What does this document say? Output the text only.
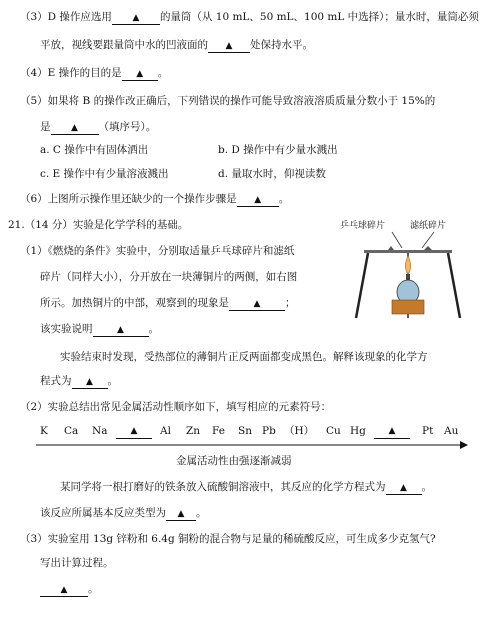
（3）D 操作应选用 ▲ 的量筒（从 10 mL、50 mL、100 mL 中选择）；量水时，量筒必须
平放，视线要跟量筒中水的凹液面的 ▲ 处保持水平。
（4）E 操作的目的是 ▲ 。
（5）如果将 B 的操作改正确后，下列错误的操作可能导致溶液溶质质量分数小于 15%的
是 ▲ （填序号）。
a. C 操作中有固体洒出	b. D 操作中有少量水溅出
c. E 操作中有少量溶液溅出	d. 量取水时，仰视读数
（6）上图所示操作里还缺少的一个操作步骤是 ▲ 。
21.（14 分）实验是化学学科的基础。	乒乓球碎片	滤纸碎片
（1）《燃烧的条件》实验中，分别取适量乒乓球碎片和滤纸
碎片（同样大小），分开放在一块薄铜片的两侧，如右图
所示。加热铜片的中部，观察到的现象是	▲ ；
该实验说明	▲ 。
实验结束时发现，受热部位的薄铜片正反两面都变成黑色。解释该现象的化学方
程式为 ▲ 。
（2）实验总结出常见金属活动性顺序如下，填写相应的元素符号：
K Ca Na	▲	Al Zn Fe Sn Pb （H） Cu Hg	▲	Pt Au
金属活动性由强逐渐减弱
某同学将一根打磨好的铁条放入硫酸铜溶液中，其反应的化学方程式为 ▲ 。
该反应所属基本反应类型为 ▲ 。
（3）实验室用 13g 锌粉和 6.4g 铜粉的混合物与足量的稀硫酸反应，可生成多少克氢气?
写出计算过程。
▲ 。
